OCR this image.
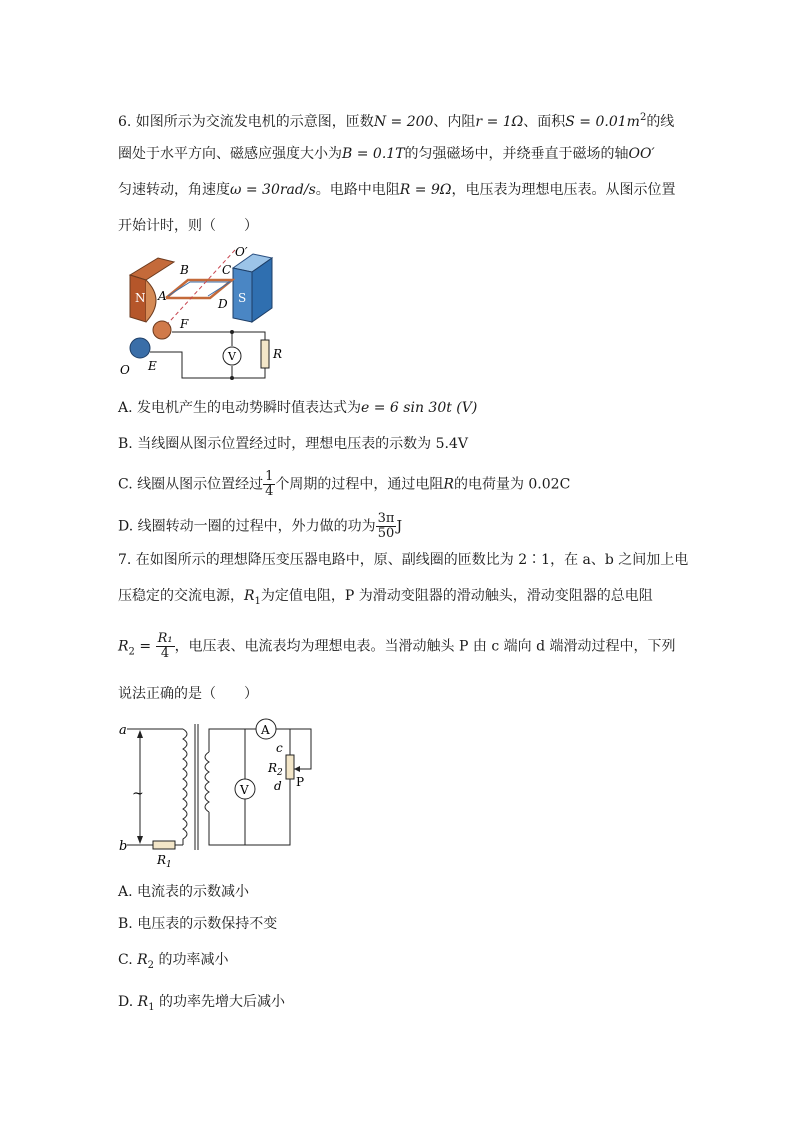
6. 如图所示为交流发电机的示意图，匝数N = 200、内阻r = 1Ω、面积$S = 0.01m^2$的线
圈处于水平方向、磁感应强度大小为B = 0.1T的匀强磁场中，并绕垂直于磁场的轴OO′
匀速转动，角速度ω = 30rad/s。电路中电阻R = 9Ω，电压表为理想电压表。从图示位置
开始计时，则（　　）
N	S
O′
B	C
A
D
F
E
O
V	R
A. 发电机产生的电动势瞬时值表达式为e = 6 sin 30t (V)
B. 当线圈从图示位置经过时，理想电压表的示数为 5.4V
C. 线圈从图示位置经过 $\frac{1}{4}$ 个周期的过程中，通过电阻R的电荷量为 0.02C
D. 线圈转动一圈的过程中，外力做的功为 $\frac{3\pi}{50}$ J
7. 在如图所示的理想降压变压器电路中，原、副线圈的匝数比为 2∶1，在 a、b 之间加上电
压稳定的交流电源，$R_1$为定值电阻，P 为滑动变阻器的滑动触头，滑动变阻器的总电阻
$R_2 = \frac{\text{R₁}}{4}$ ，电压表、电流表均为理想电表。当滑动触头 P 由 c 端向 d 端滑动过程中，下列
说法正确的是（　　）
a
b
~
$R_1$
V
A
c
$R_2$
d P
A. 电流表的示数减小
B. 电压表的示数保持不变
C. $R_2$ 的功率减小
D. $R_1$ 的功率先增大后减小
